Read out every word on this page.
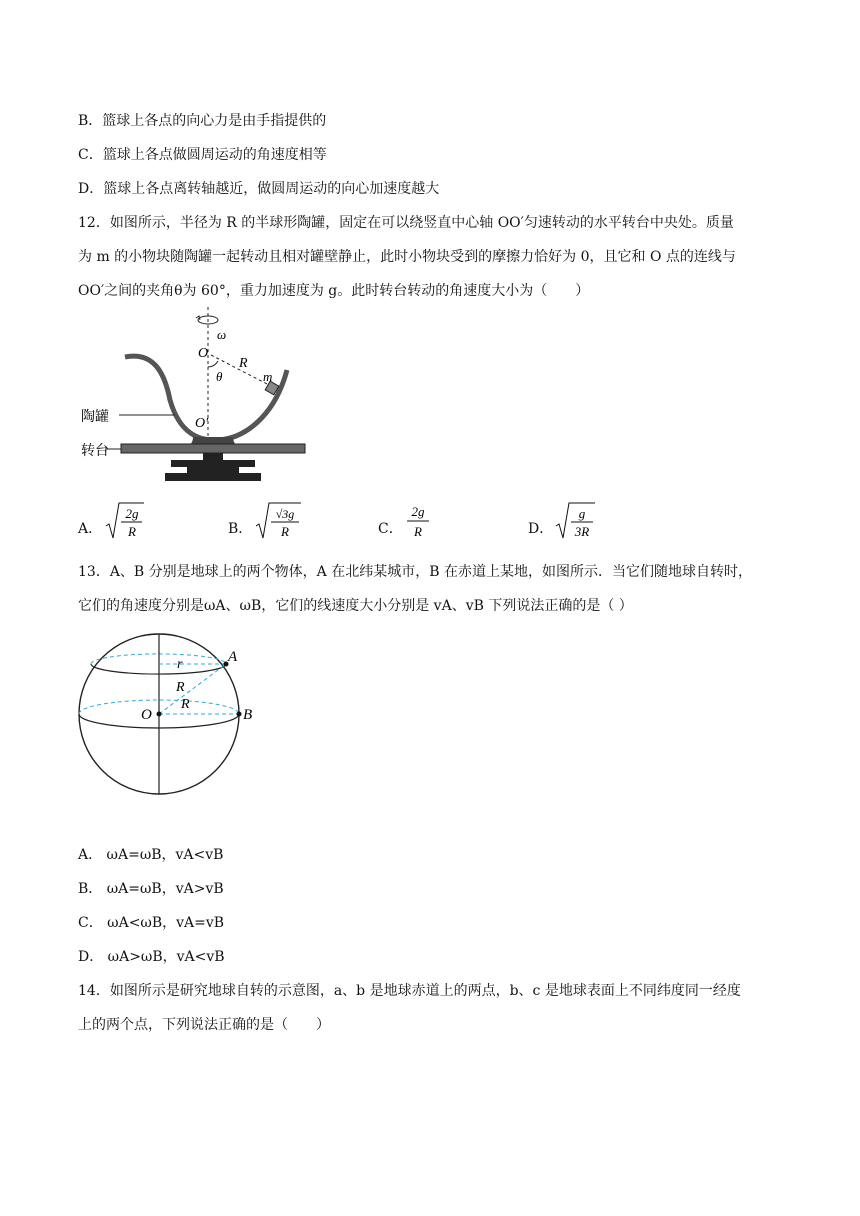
B．篮球上各点的向心力是由手指提供的
C．篮球上各点做圆周运动的角速度相等
D．篮球上各点离转轴越近，做圆周运动的向心加速度越大
12．如图所示，半径为 R 的半球形陶罐，固定在可以绕竖直中心轴 OO′匀速转动的水平转台中央处。质量
为 m 的小物块随陶罐一起转动且相对罐壁静止，此时小物块受到的摩擦力恰好为 0，且它和 O 点的连线与
OO′之间的夹角θ为 60°，重力加速度为 g。此时转台转动的角速度大小为（　　）
ω
O
R
θ	m
O′
陶罐
转台
A．
2g
R	B．
√3g
R	C．
2g
R	D．
g
3R
13．A、B 分别是地球上的两个物体，A 在北纬某城市，B 在赤道上某地，如图所示．当它们随地球自转时，
它们的角速度分别是ωA、ωB，它们的线速度大小分别是 vA、vB 下列说法正确的是（ ）
r	A
R
R
O	B
A． ωA=ωB，vA<vB
B． ωA=ωB，vA>vB
C． ωA<ωB，vA=vB
D． ωA>ωB，vA<vB
14．如图所示是研究地球自转的示意图，a、b 是地球赤道上的两点，b、c 是地球表面上不同纬度同一经度
上的两个点，下列说法正确的是（　　）
